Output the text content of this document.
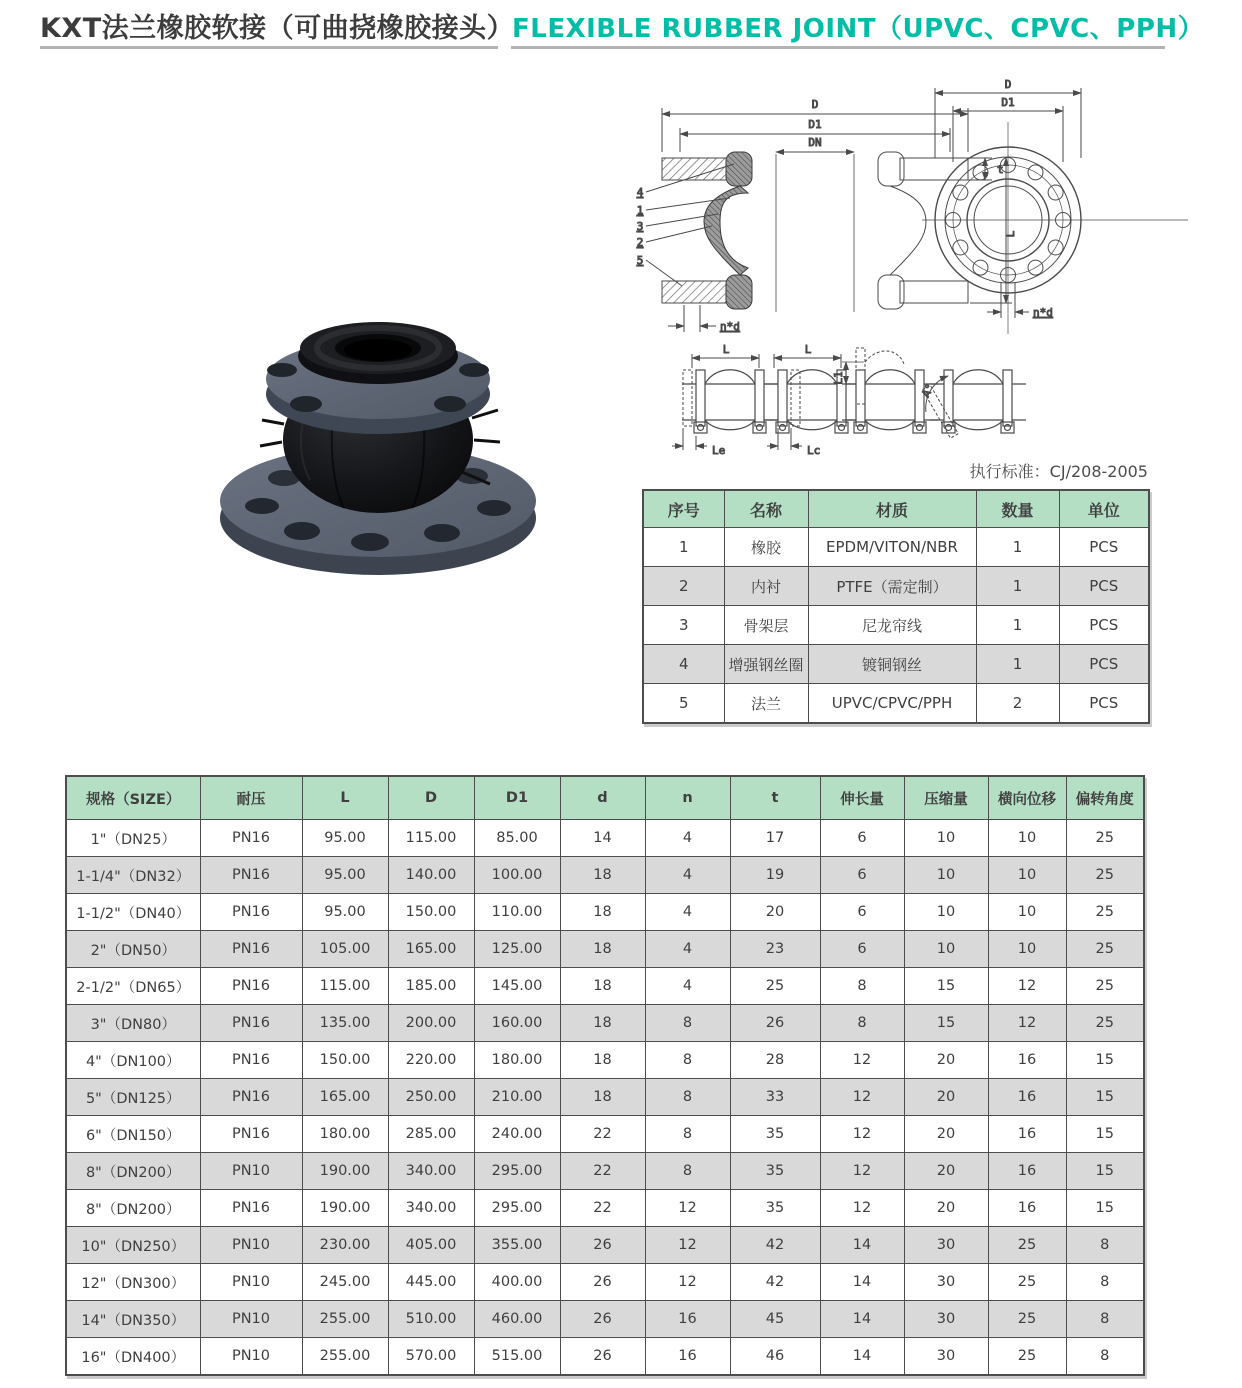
KXT法兰橡胶软接（可曲挠橡胶接头）
FLEXIBLE RUBBER JOINT（UPVC、CPVC、PPH）
D
D1
DN
t
L
n*d
4
1
3
2
5
D
D1
n*d
L
Le
L
Lc
L1
A°
执行标准：CJ/208-2005
序号	名称	材质	数量	单位
1	橡胶	EPDM/VITON/NBR	1	PCS
2	内衬	PTFE（需定制）	1	PCS
3	骨架层	尼龙帘线	1	PCS
4	增强钢丝圈	镀铜钢丝	1	PCS
5	法兰	UPVC/CPVC/PPH	2	PCS
规格（SIZE）	耐压	L	D	D1	d	n	t	伸长量	压缩量	横向位移	偏转角度
1"（DN25）	PN16	95.00	115.00	85.00	14	4	17	6	10	10	25
1-1/4"（DN32）	PN16	95.00	140.00	100.00	18	4	19	6	10	10	25
1-1/2"（DN40）	PN16	95.00	150.00	110.00	18	4	20	6	10	10	25
2"（DN50）	PN16	105.00	165.00	125.00	18	4	23	6	10	10	25
2-1/2"（DN65）	PN16	115.00	185.00	145.00	18	4	25	8	15	12	25
3"（DN80）	PN16	135.00	200.00	160.00	18	8	26	8	15	12	25
4"（DN100）	PN16	150.00	220.00	180.00	18	8	28	12	20	16	15
5"（DN125）	PN16	165.00	250.00	210.00	18	8	33	12	20	16	15
6"（DN150）	PN16	180.00	285.00	240.00	22	8	35	12	20	16	15
8"（DN200）	PN10	190.00	340.00	295.00	22	8	35	12	20	16	15
8"（DN200）	PN16	190.00	340.00	295.00	22	12	35	12	20	16	15
10"（DN250）	PN10	230.00	405.00	355.00	26	12	42	14	30	25	8
12"（DN300）	PN10	245.00	445.00	400.00	26	12	42	14	30	25	8
14"（DN350）	PN10	255.00	510.00	460.00	26	16	45	14	30	25	8
16"（DN400）	PN10	255.00	570.00	515.00	26	16	46	14	30	25	8
